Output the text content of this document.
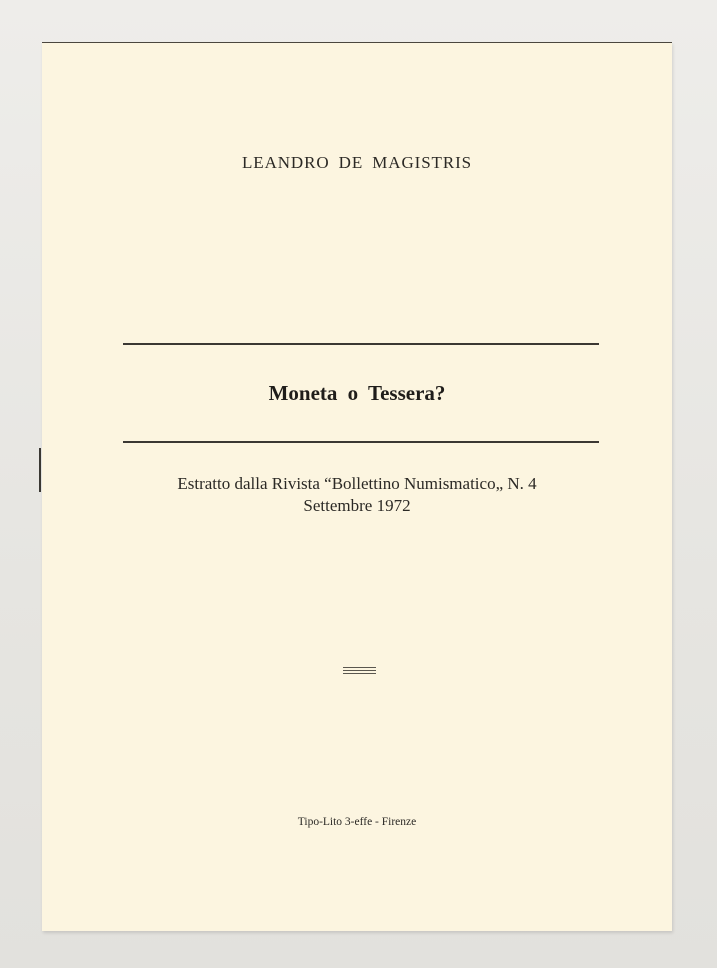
LEANDRO DE MAGISTRIS
Moneta o Tessera?
Estratto dalla Rivista “Bollettino Numismatico„ N. 4
Settembre 1972
Tipo-Lito 3-effe - Firenze
